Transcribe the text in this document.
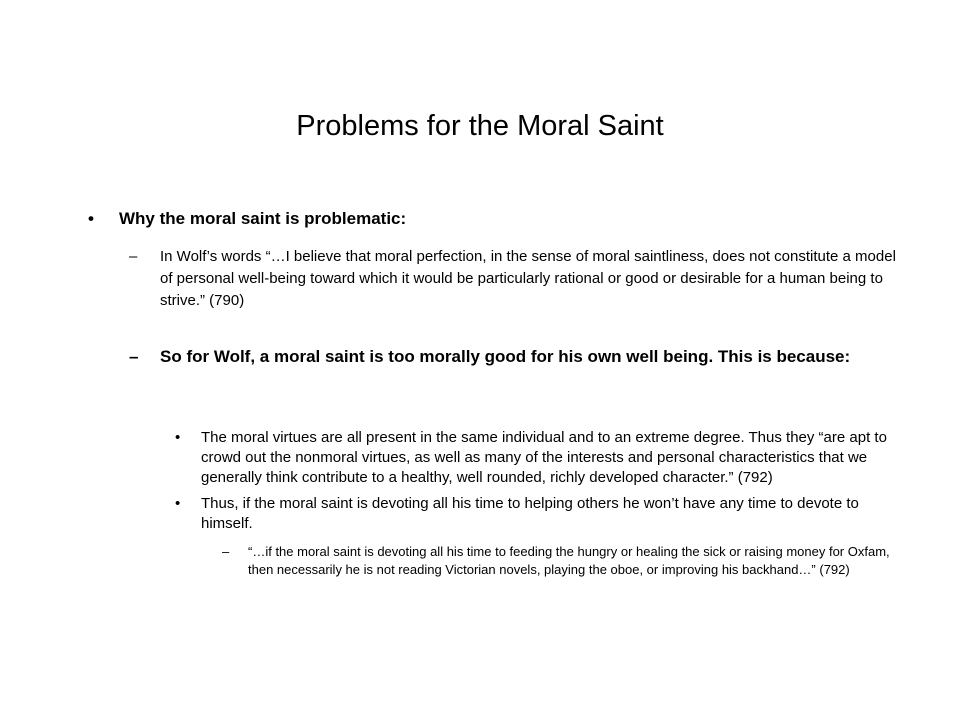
Problems for the Moral Saint
•	Why the moral saint is problematic:
–	In Wolf’s words “…I believe that moral perfection, in the sense of moral saintliness, does not constitute a model of personal well-being toward which it would be particularly rational or good or desirable for a human being to strive.” (790)
–	So for Wolf, a moral saint is too morally good for his own well being. This is because:
•	The moral virtues are all present in the same individual and to an extreme degree. Thus they “are apt to crowd out the nonmoral virtues, as well as many of the interests and personal characteristics that we generally think contribute to a healthy, well rounded, richly developed character.” (792)
•	Thus, if the moral saint is devoting all his time to helping others he won’t have any time to devote to himself.
–	“…if the moral saint is devoting all his time to feeding the hungry or healing the sick or raising money for Oxfam, then necessarily he is not reading Victorian novels, playing the oboe, or improving his backhand…” (792)
